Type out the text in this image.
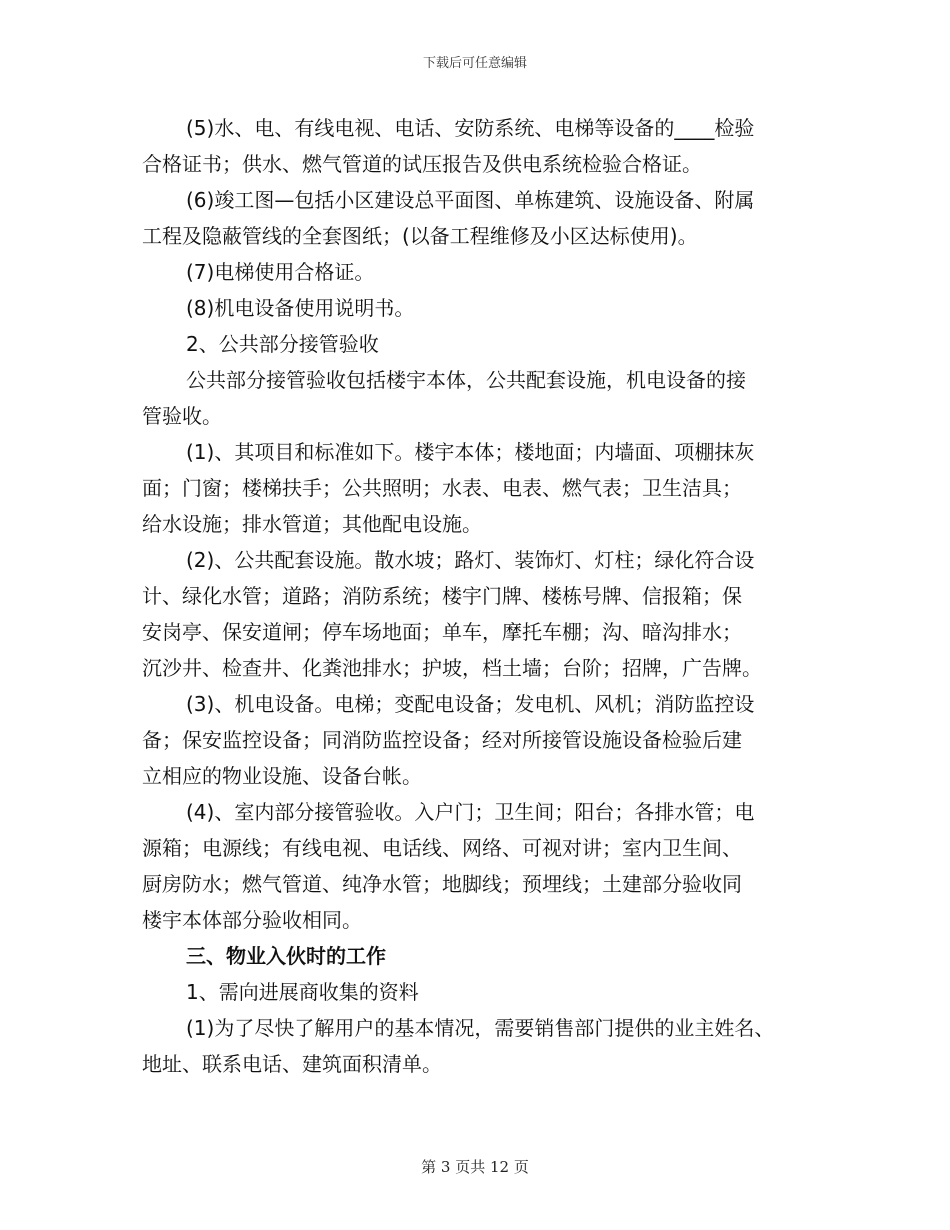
下载后可任意编辑
(5)水、电、有线电视、电话、安防系统、电梯等设备的____检验
合格证书；供水、燃气管道的试压报告及供电系统检验合格证。
(6)竣工图—包括小区建设总平面图、单栋建筑、设施设备、附属
工程及隐蔽管线的全套图纸；(以备工程维修及小区达标使用)。
(7)电梯使用合格证。
(8)机电设备使用说明书。
2、公共部分接管验收
公共部分接管验收包括楼宇本体，公共配套设施，机电设备的接
管验收。
(1)、其项目和标准如下。楼宇本体；楼地面；内墙面、项棚抹灰
面；门窗；楼梯扶手；公共照明；水表、电表、燃气表；卫生洁具；
给水设施；排水管道；其他配电设施。
(2)、公共配套设施。散水坡；路灯、装饰灯、灯柱；绿化符合设
计、绿化水管；道路；消防系统；楼宇门牌、楼栋号牌、信报箱；保
安岗亭、保安道闸；停车场地面；单车，摩托车棚；沟、暗沟排水；
沉沙井、检查井、化粪池排水；护坡，档土墙；台阶；招牌，广告牌。
(3)、机电设备。电梯；变配电设备；发电机、风机；消防监控设
备；保安监控设备；同消防监控设备；经对所接管设施设备检验后建
立相应的物业设施、设备台帐。
(4)、室内部分接管验收。入户门；卫生间；阳台；各排水管；电
源箱；电源线；有线电视、电话线、网络、可视对讲；室内卫生间、
厨房防水；燃气管道、纯净水管；地脚线；预埋线；土建部分验收同
楼宇本体部分验收相同。
三、物业入伙时的工作
1、需向进展商收集的资料
(1)为了尽快了解用户的基本情况，需要销售部门提供的业主姓名、
地址、联系电话、建筑面积清单。
第 3 页共 12 页
